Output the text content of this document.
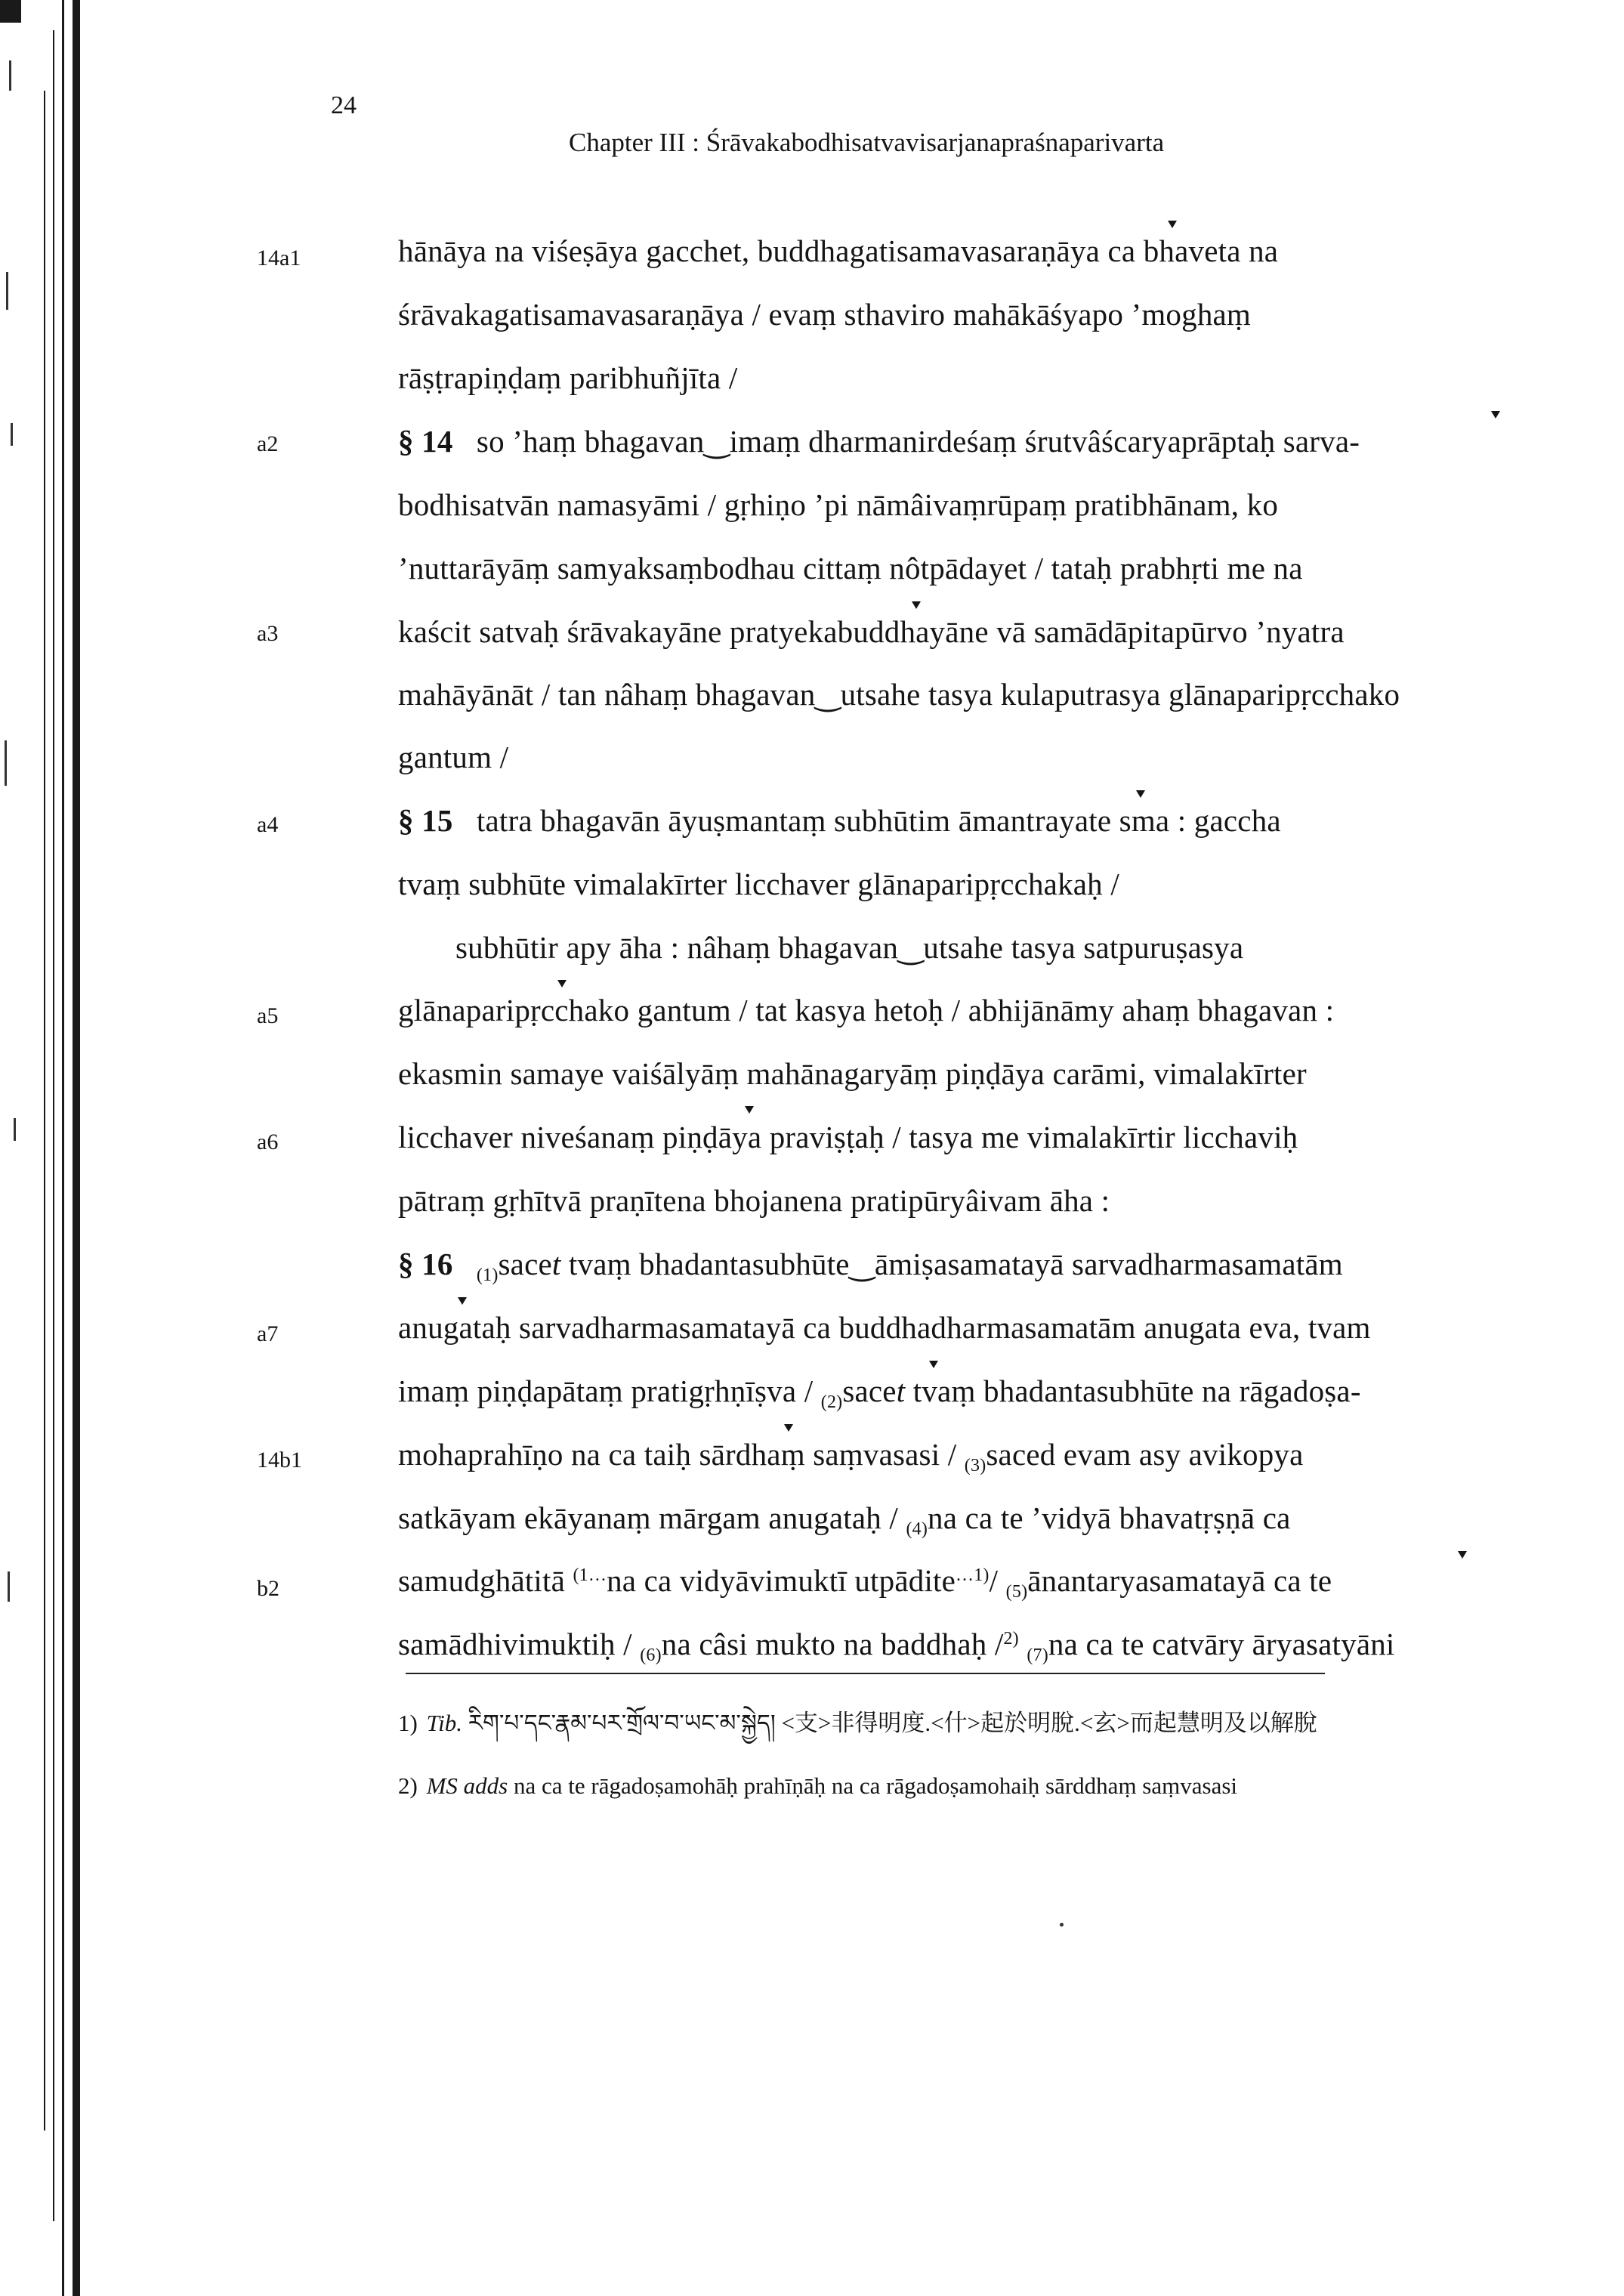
24
Chapter III : Śrāvakabodhisatvavisarjanapraśnaparivarta
14a1
a2
a3
a4
a5
a6
a7
14b1
b2
hānāya na viśeṣāya gacchet, buddhagatisamavasaraṇāya ca bhaveta na
śrāvakagatisamavasaraṇāya / evaṃ sthaviro mahākāśyapo ’moghaṃ
rāṣṭrapiṇḍaṃ paribhuñjīta /
§ 14 so ’haṃ bhagavan‿imaṃ dharmanirdeśaṃ śrutvâścaryaprāptaḥ sarva-
bodhisatvān namasyāmi / gṛhiṇo ’pi nāmâivaṃrūpaṃ pratibhānam, ko
’nuttarāyāṃ samyaksaṃbodhau cittaṃ nôtpādayet / tataḥ prabhṛti me na
kaścit satvaḥ śrāvakayāne pratyekabuddhayāne vā samādāpitapūrvo ’nyatra
mahāyānāt / tan nâhaṃ bhagavan‿utsahe tasya kulaputrasya glānaparipṛcchako
gantum /
§ 15 tatra bhagavān āyuṣmantaṃ subhūtim āmantrayate sma : gaccha
tvaṃ subhūte vimalakīrter licchaver glānaparipṛcchakaḥ /
subhūtir apy āha : nâhaṃ bhagavan‿utsahe tasya satpuruṣasya
glānaparipṛcchako gantum / tat kasya hetoḥ / abhijānāmy ahaṃ bhagavan :
ekasmin samaye vaiśālyāṃ mahānagaryāṃ piṇḍāya carāmi, vimalakīrter
licchaver niveśanaṃ piṇḍāya praviṣṭaḥ / tasya me vimalakīrtir licchaviḥ
pātraṃ gṛhītvā praṇītena bhojanena pratipūryâivam āha :
§ 16 (1)sacet tvaṃ bhadantasubhūte‿āmiṣasamatayā sarvadharmasamatām
anugataḥ sarvadharmasamatayā ca buddhadharmasamatām anugata eva, tvam
imaṃ piṇḍapātaṃ pratigṛhṇīṣva / (2)sacet tvaṃ bhadantasubhūte na rāgadoṣa-
mohaprahīṇo na ca taiḥ sārdhaṃ saṃvasasi / (3)saced evam asy avikopya
satkāyam ekāyanaṃ mārgam anugataḥ / (4)na ca te ’vidyā bhavatṛṣṇā ca
samudghātitā $^{(1\dots}$na ca vidyāvimuktī utpādite$^{\dots 1)}$/ (5)ānantaryasamatayā ca te
samādhivimuktiḥ / (6)na câsi mukto na baddhaḥ /$^{2)}$ (7)na ca te catvāry āryasatyāni
1) Tib. རིག་པ་དང་རྣམ་པར་གྲོལ་བ་ཡང་མ་སྐྱེད། <支>非得明度.<什>起於明脫.<玄>而起慧明及以解脫
2) MS adds na ca te rāgadoṣamohāḥ prahīṇāḥ na ca rāgadoṣamohaiḥ sārddhaṃ saṃvasasi
